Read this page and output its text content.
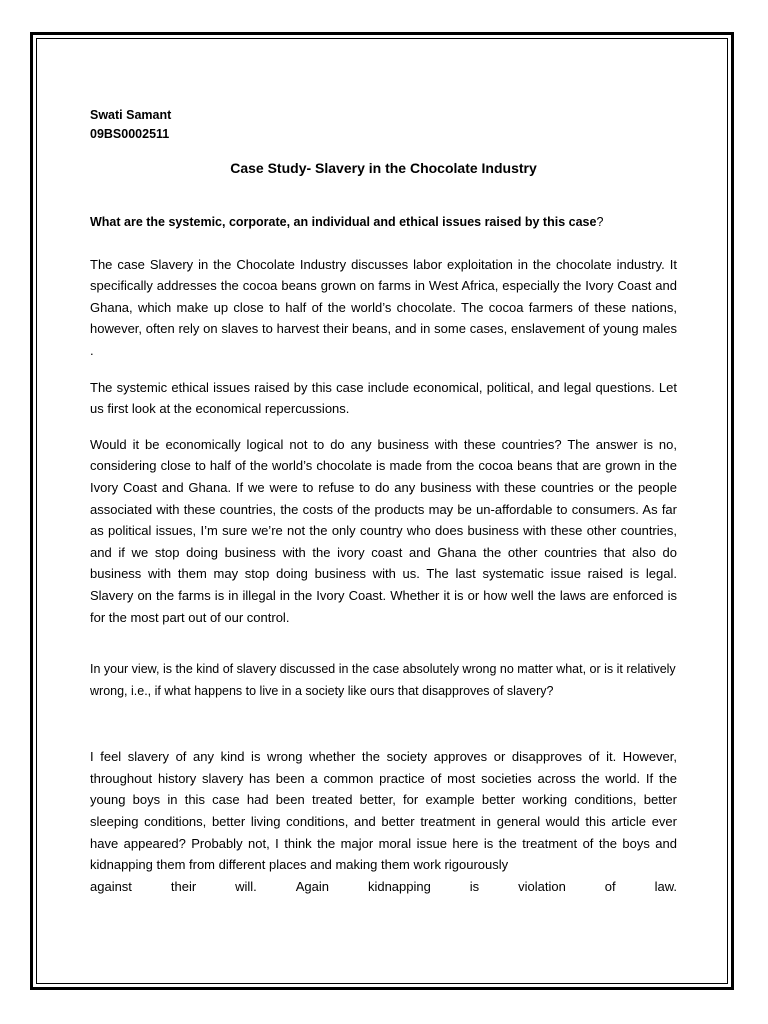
Swati Samant
09BS0002511
Case Study- Slavery in the Chocolate Industry

What are the systemic, corporate, an individual and ethical issues raised by this case?

The case Slavery in the Chocolate Industry discusses labor exploitation in the chocolate industry. It specifically addresses the cocoa beans grown on farms in West Africa, especially the Ivory Coast and Ghana, which make up close to half of the world’s chocolate. The cocoa farmers of these nations, however, often rely on slaves to harvest their beans, and in some cases, enslavement of young males .

The systemic ethical issues raised by this case include economical, political, and legal questions. Let us first look at the economical repercussions.

Would it be economically logical not to do any business with these countries? The answer is no, considering close to half of the world’s chocolate is made from the cocoa beans that are grown in the Ivory Coast and Ghana. If we were to refuse to do any business with these countries or the people associated with these countries, the costs of the products may be un-affordable to consumers. As far as political issues, I’m sure we’re not the only country who does business with these other countries, and if we stop doing business with the ivory coast and Ghana the other countries that also do business with them may stop doing business with us. The last systematic issue raised is legal. Slavery on the farms is in illegal in the Ivory Coast. Whether it is or how well the laws are enforced is for the most part out of our control.

In your view, is the kind of slavery discussed in the case absolutely wrong no matter what, or is it relatively wrong, i.e., if what happens to live in a society like ours that disapproves of slavery?

I feel slavery of any kind is wrong whether the society approves or disapproves of it. However, throughout history slavery has been a common practice of most societies across the world. If the young boys in this case had been treated better, for example better working conditions, better sleeping conditions, better living conditions, and better treatment in general would this article ever have appeared? Probably not, I think the major moral issue here is the treatment of the boys and kidnapping them from different places and making them work rigourously

against	their	will.	Again	kidnapping	is	violation	of	law.
